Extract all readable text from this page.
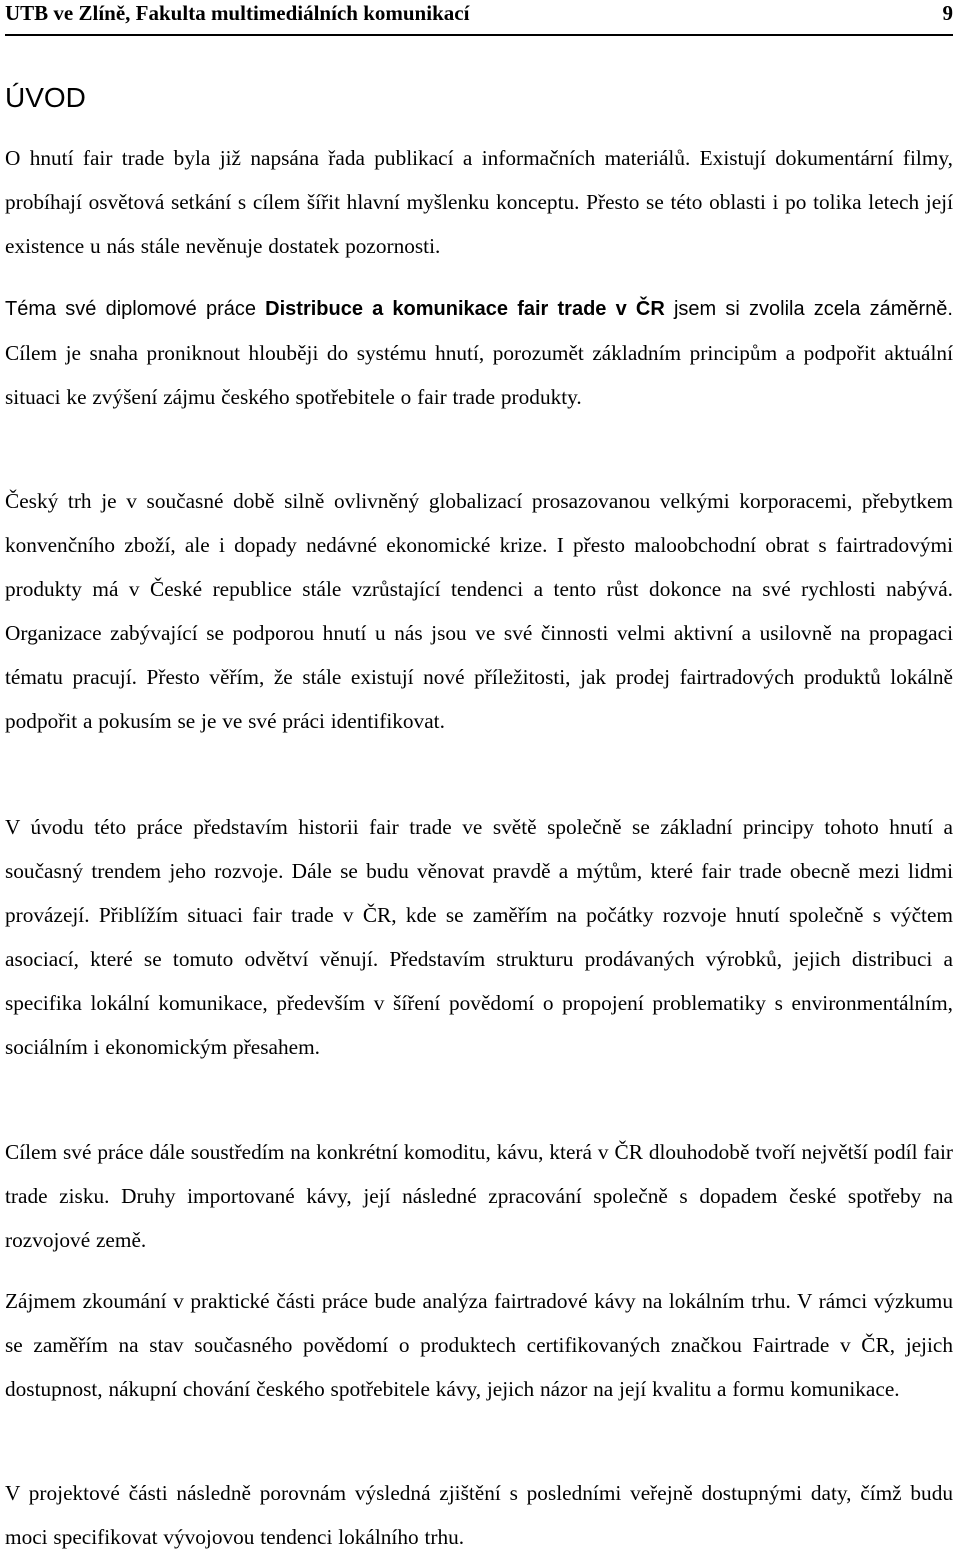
UTB ve Zlíně, Fakulta multimediálních komunikací	9
ÚVOD

O hnutí fair trade byla již napsána řada publikací a informačních materiálů. Existují dokumentární filmy, probíhají osvětová setkání s cílem šířit hlavní myšlenku konceptu. Přesto se této oblasti i po tolika letech její existence u nás stále nevěnuje dostatek pozornosti.

Téma své diplomové práce Distribuce a komunikace fair trade v ČR jsem si zvolila zcela záměrně. Cílem je snaha proniknout hlouběji do systému hnutí, porozumět základním principům a podpořit aktuální situaci ke zvýšení zájmu českého spotřebitele o fair trade produkty.

Český trh je v současné době silně ovlivněný globalizací prosazovanou velkými korporacemi, přebytkem konvenčního zboží, ale i dopady nedávné ekonomické krize. I přesto maloobchodní obrat s fairtradovými produkty má v České republice stále vzrůstající tendenci a tento růst dokonce na své rychlosti nabývá. Organizace zabývající se podporou hnutí u nás jsou ve své činnosti velmi aktivní a usilovně na propagaci tématu pracují. Přesto věřím, že stále existují nové příležitosti, jak prodej fairtradových produktů lokálně podpořit a pokusím se je ve své práci identifikovat.

V úvodu této práce představím historii fair trade ve světě společně se základní principy tohoto hnutí a současný trendem jeho rozvoje. Dále se budu věnovat pravdě a mýtům, které fair trade obecně mezi lidmi provázejí. Přiblížím situaci fair trade v ČR, kde se zaměřím na počátky rozvoje hnutí společně s výčtem asociací, které se tomuto odvětví věnují. Představím strukturu prodávaných výrobků, jejich distribuci a specifika lokální komunikace, především v šíření povědomí o propojení problematiky s environmentálním, sociálním i ekonomickým přesahem.

Cílem své práce dále soustředím na konkrétní komoditu, kávu, která v ČR dlouhodobě tvoří největší podíl fair trade zisku. Druhy importované kávy, její následné zpracování společně s dopadem české spotřeby na rozvojové země.

Zájmem zkoumání v praktické části práce bude analýza fairtradové kávy na lokálním trhu. V rámci výzkumu se zaměřím na stav současného povědomí o produktech certifikovaných značkou Fairtrade v ČR, jejich dostupnost, nákupní chování českého spotřebitele kávy, jejich názor na její kvalitu a formu komunikace.

V projektové části následně porovnám výsledná zjištění s posledními veřejně dostupnými daty, čímž budu moci specifikovat vývojovou tendenci lokálního trhu.
